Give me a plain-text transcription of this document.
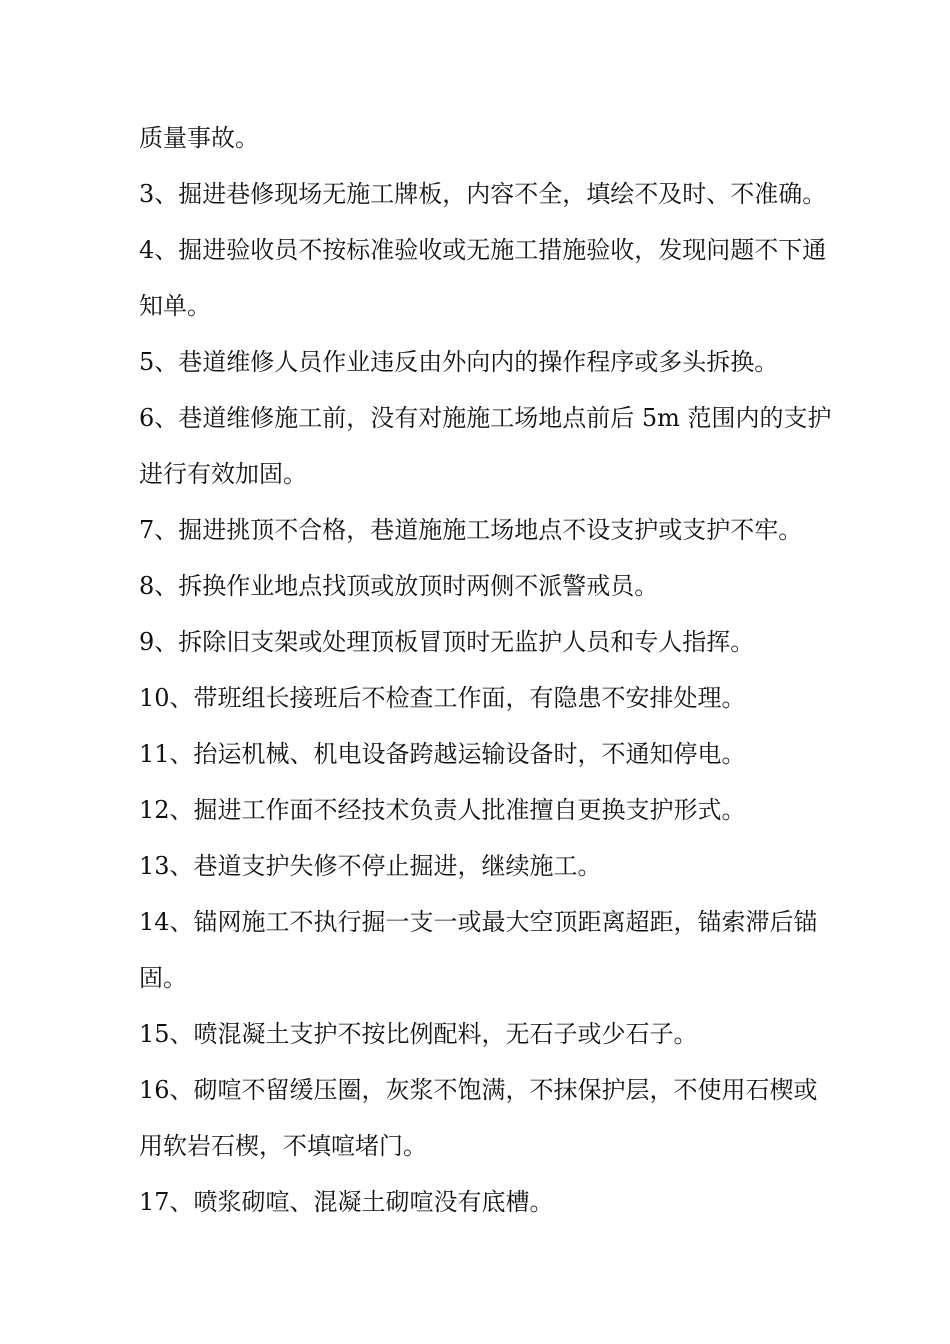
质量事故。
3、掘进巷修现场无施工牌板，内容不全，填绘不及时、不准确。
4、掘进验收员不按标准验收或无施工措施验收，发现问题不下通
知单。
5、巷道维修人员作业违反由外向内的操作程序或多头拆换。
6、巷道维修施工前，没有对施施工场地点前后 5m 范围内的支护
进行有效加固。
7、掘进挑顶不合格，巷道施施工场地点不设支护或支护不牢。
8、拆换作业地点找顶或放顶时两侧不派警戒员。
9、拆除旧支架或处理顶板冒顶时无监护人员和专人指挥。
10、带班组长接班后不检查工作面，有隐患不安排处理。
11、抬运机械、机电设备跨越运输设备时，不通知停电。
12、掘进工作面不经技术负责人批准擅自更换支护形式。
13、巷道支护失修不停止掘进，继续施工。
14、锚网施工不执行掘一支一或最大空顶距离超距，锚索滞后锚
固。
15、喷混凝土支护不按比例配料，无石子或少石子。
16、砌喧不留缓压圈，灰浆不饱满，不抹保护层，不使用石楔或
用软岩石楔，不填喧堵门。
17、喷浆砌喧、混凝土砌喧没有底槽。
